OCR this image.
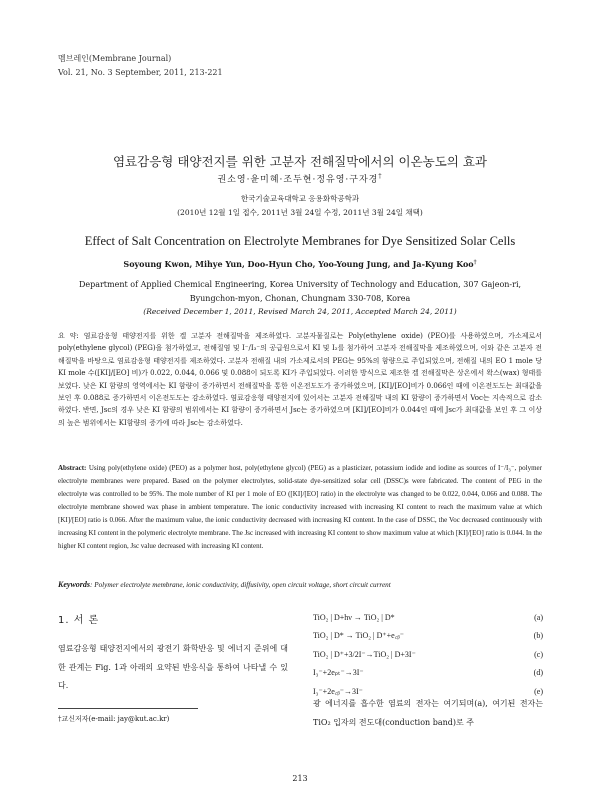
멤브레인(Membrane Journal)
Vol. 21, No. 3 September, 2011, 213-221
염료감응형 태양전지를 위한 고분자 전해질막에서의 이온농도의 효과
권소영·윤미혜·조두현·정유영·구자경†
한국기술교육대학교 응용화학공학과
(2010년 12월 1일 접수, 2011년 3월 24일 수정, 2011년 3월 24일 채택)
Effect of Salt Concentration on Electrolyte Membranes for Dye Sensitized Solar Cells
Soyoung Kwon, Mihye Yun, Doo-Hyun Cho, Yoo-Young Jung, and Ja-Kyung Koo†
Department of Applied Chemical Engineering, Korea University of Technology and Education, 307 Gajeon-ri,
Byungchon-myon, Chonan, Chungnam 330-708, Korea
(Received December 1, 2011, Revised March 24, 2011, Accepted March 24, 2011)
요 약: 염료감응형 태양전지를 위한 겔 고분자 전해질막을 제조하였다. 고분자물질로는 Poly(ethylene oxide) (PEO)를 사용하였으며, 가소제로서 poly(ethylene glycol) (PEG)을 첨가하였고, 전해질염 및 I⁻/I₃⁻의 공급원으로서 KI 및 I₂를 첨가하여 고분자 전해질막을 제조하였으며, 이와 같은 고분자 전해질막을 바탕으로 염료감응형 태양전지를 제조하였다. 고분자 전해질 내의 가소제로서의 PEG는 95%의 함량으로 주입되었으며, 전해질 내의 EO 1 mole 당 KI mole 수([KI]/[EO] 비)가 0.022, 0.044, 0.066 및 0.088이 되도록 KI가 주입되었다. 이러한 방식으로 제조한 겔 전해질막은 상온에서 왁스(wax) 형태를 보였다. 낮은 KI 함량의 영역에서는 KI 함량이 증가하면서 전해질막을 통한 이온전도도가 증가하였으며, [KI]/[EO]비가 0.066인 때에 이온전도도는 최대값을 보인 후 0.088로 증가하면서 이온전도도는 감소하였다. 염료감응형 태양전지에 있어서는 고분자 전해질막 내의 KI 함량이 증가하면서 Voc는 지속적으로 감소하였다. 반면, Jsc의 경우 낮은 KI 함량의 범위에서는 KI 함량이 증가하면서 Jsc는 증가하였으며 [KI]/[EO]비가 0.044인 때에 Jsc가 최대값을 보인 후 그 이상의 높은 범위에서는 KI함량의 증가에 따라 Jsc는 감소하였다.
Abstract: Using poly(ethylene oxide) (PEO) as a polymer host, poly(ethylene glycol) (PEG) as a plasticizer, potassium iodide and iodine as sources of I⁻/I₃⁻, polymer electrolyte membranes were prepared. Based on the polymer electrolytes, solid-state dye-sensitized solar cell (DSSC)s were fabricated. The content of PEG in the electrolyte was controlled to be 95%. The mole number of KI per 1 mole of EO ([KI]/[EO] ratio) in the electrolyte was changed to be 0.022, 0.044, 0.066 and 0.088. The electrolyte membrane showed wax phase in ambient temperature. The ionic conductivity increased with increasing KI content to reach the maximum value at which [KI]/[EO] ratio is 0.066. After the maximum value, the ionic conductivity decreased with increasing KI content. In the case of DSSC, the Voc decreased continuously with increasing KI content in the polymeric electrolyte membrane. The Jsc increased with increasing KI content to show maximum value at which [KI]/[EO] ratio is 0.044. In the higher KI content region, Jsc value decreased with increasing KI content.
Keywords: Polymer electrolyte membrane, ionic conductivity, diffusivity, open circuit voltage, short circuit current
1. 서 론
염료감응형 태양전지에서의 광전기 화학반응 및 에너지 준위에 대한 관계는 Fig. 1과 아래의 요약된 반응식을 통하여 나타낼 수 있다.
†교신저자(e-mail: jay@kut.ac.kr)
TiO₂ | D+hν → TiO₂ | D*	(a)
TiO₂ | D* → TiO₂ | D⁺+e꜀ᵦ⁻	(b)
TiO₂ | D⁺+3/2I⁻→TiO₂ | D+3I⁻	(c)
I₃⁻+2eₚₜ⁻→3I⁻	(d)
I₃⁻+2e꜀ᵦ⁻→3I⁻	(e)
광 에너지를 흡수한 염료의 전자는 여기되며(a), 여기된 전자는 TiO₂ 입자의 전도대(conduction band)로 주
213
